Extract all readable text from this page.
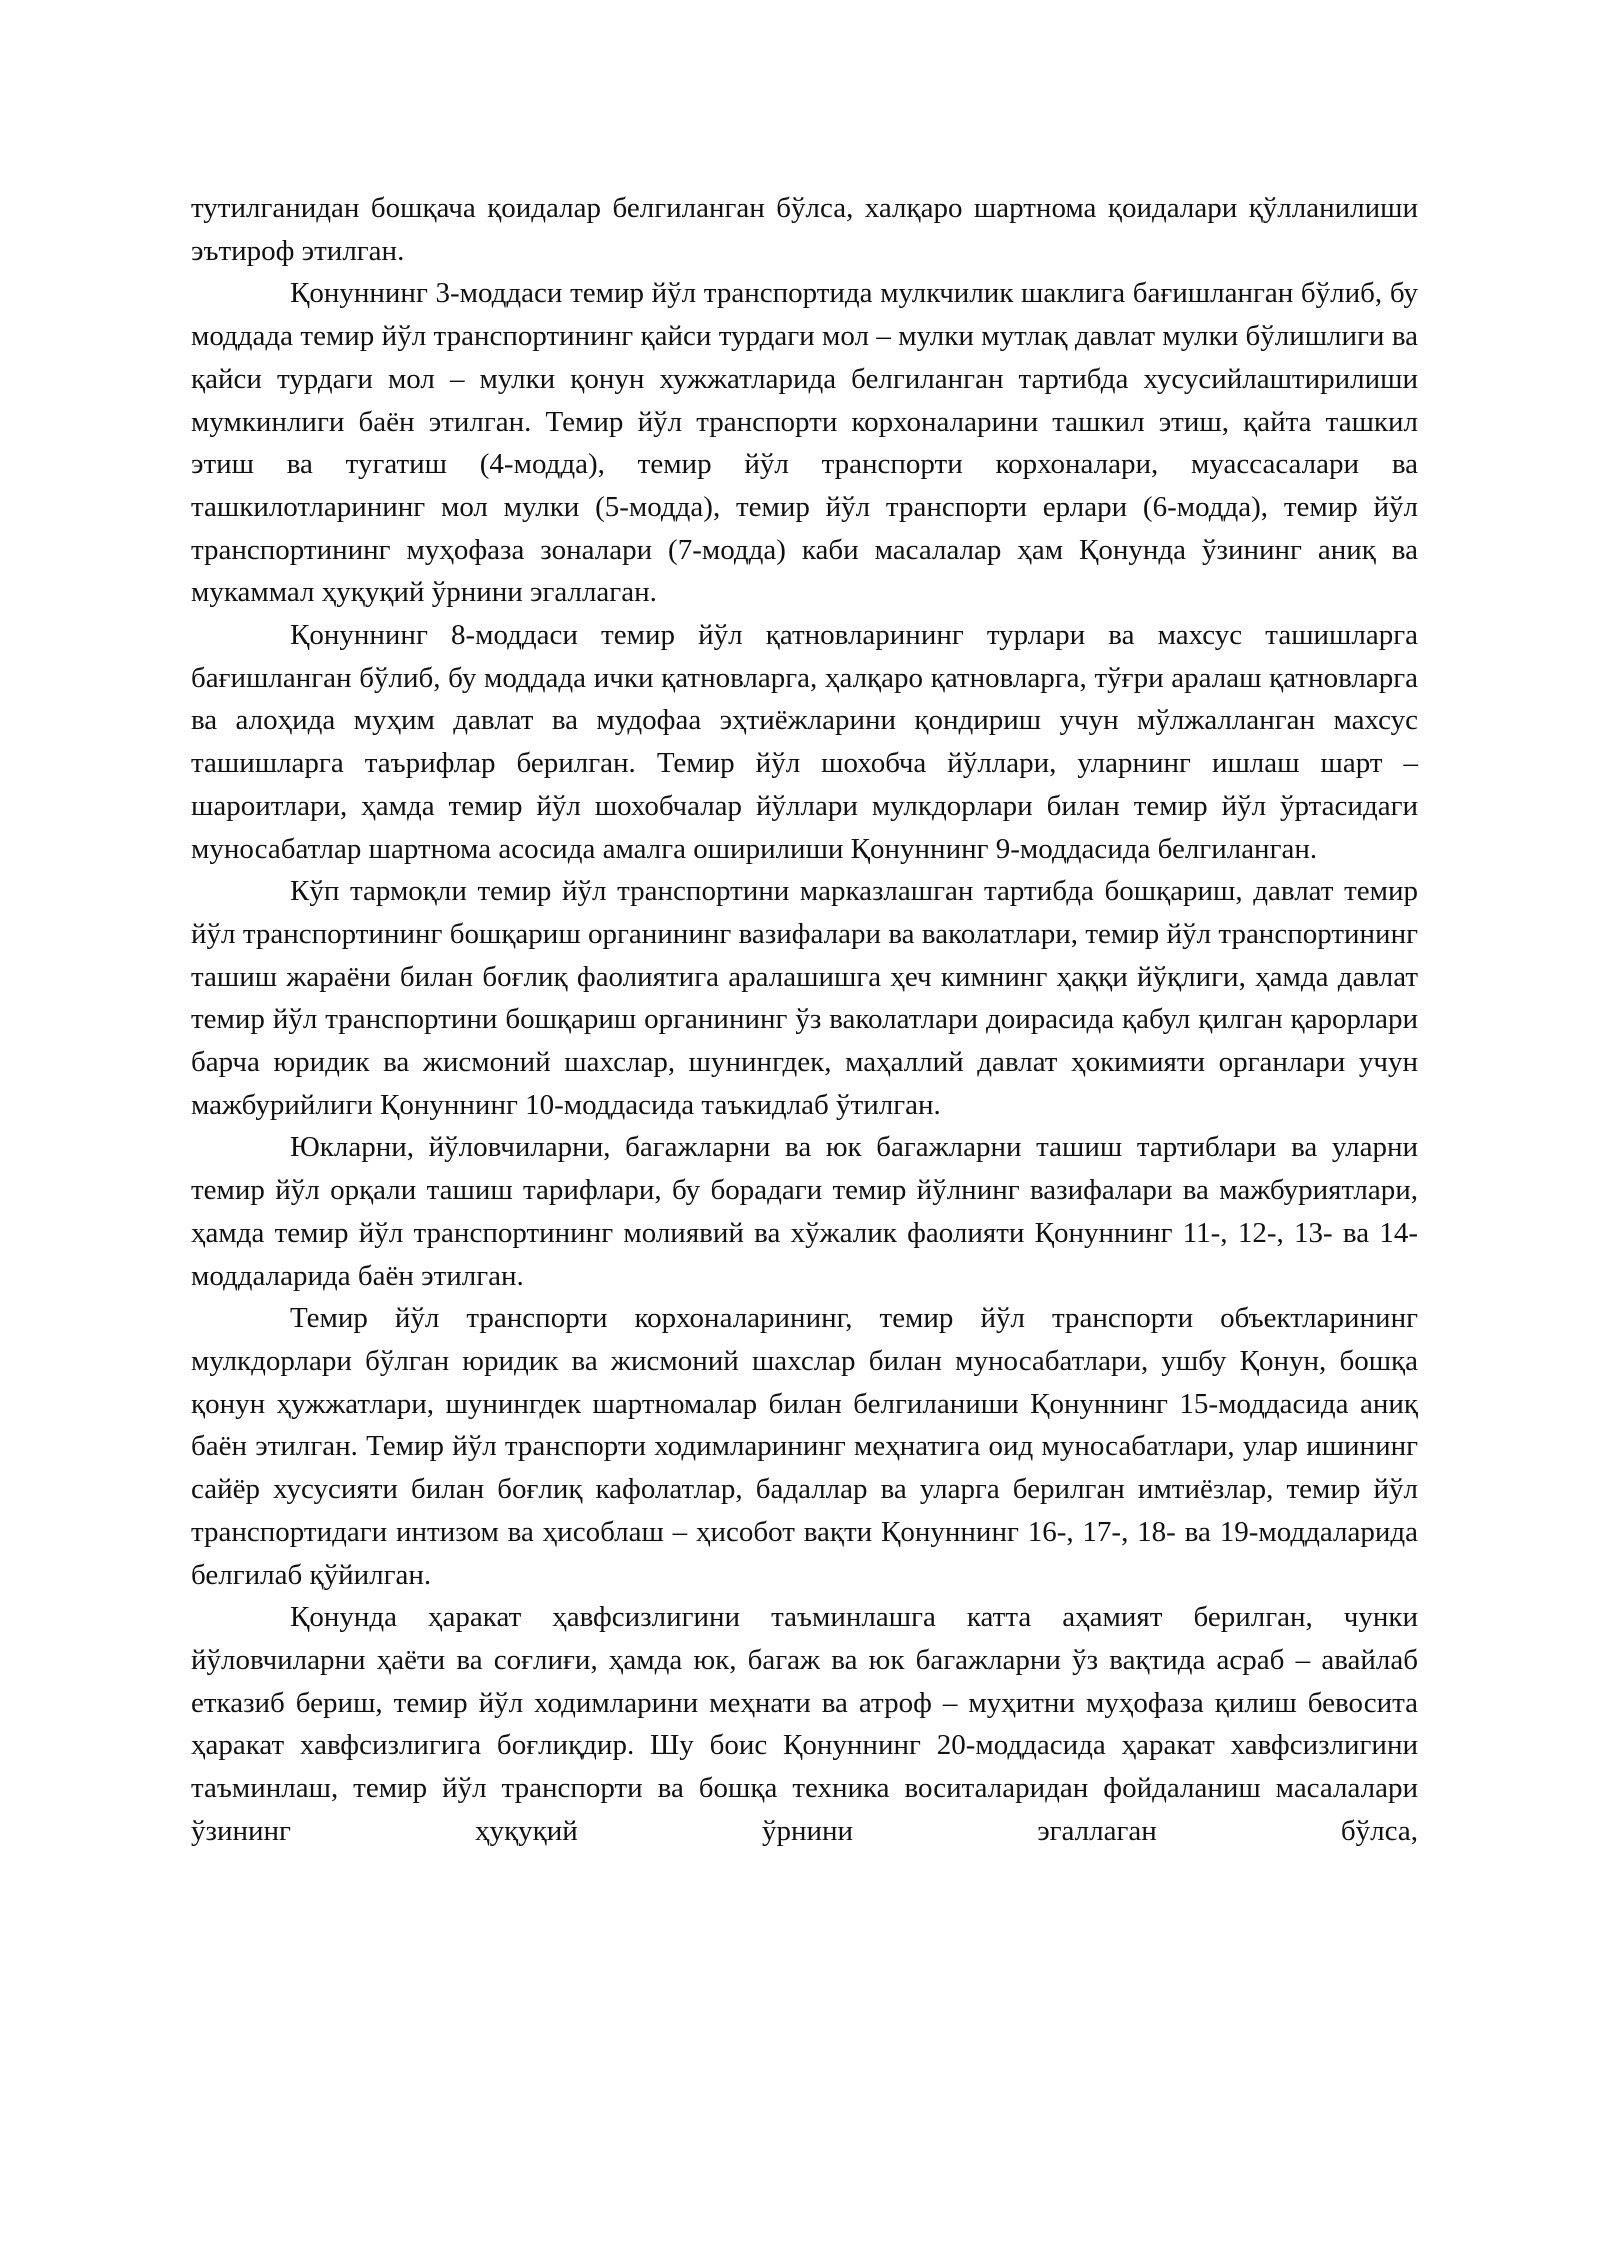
тутилганидан бошқача қоидалар белгиланган бўлса, халқаро шартнома қоидалари қўлланилиши эътироф этилган.

Қонуннинг 3-моддаси темир йўл транспортида мулкчилик шаклига бағишланган бўлиб, бу моддада темир йўл транспортининг қайси турдаги мол – мулки мутлақ давлат мулки бўлишлиги ва қайси турдаги мол – мулки қонун хужжатларида белгиланган тартибда хусусийлаштирилиши мумкинлиги баён этилган. Темир йўл транспорти корхоналарини ташкил этиш, қайта ташкил этиш ва тугатиш (4-модда), темир йўл транспорти корхоналари, муассасалари ва ташкилотларининг мол мулки (5-модда), темир йўл транспорти ерлари (6-модда), темир йўл транспортининг муҳофаза зоналари (7-модда) каби масалалар ҳам Қонунда ўзининг аниқ ва мукаммал ҳуқуқий ўрнини эгаллаган.

Қонуннинг 8-моддаси темир йўл қатновларининг турлари ва махсус ташишларга бағишланган бўлиб, бу моддада ички қатновларга, ҳалқаро қатновларга, тўғри аралаш қатновларга ва алоҳида муҳим давлат ва мудофаа эҳтиёжларини қондириш учун мўлжалланган махсус ташишларга таърифлар берилган. Темир йўл шохобча йўллари, уларнинг ишлаш шарт – шароитлари, ҳамда темир йўл шохобчалар йўллари мулкдорлари билан темир йўл ўртасидаги муносабатлар шартнома асосида амалга оширилиши Қонуннинг 9-моддасида белгиланган.

Кўп тармоқли темир йўл транспортини марказлашган тартибда бошқариш, давлат темир йўл транспортининг бошқариш органининг вазифалари ва ваколатлари, темир йўл транспортининг ташиш жараёни билан боғлиқ фаолиятига аралашишга ҳеч кимнинг ҳаққи йўқлиги, ҳамда давлат темир йўл транспортини бошқариш органининг ўз ваколатлари доирасида қабул қилган қарорлари барча юридик ва жисмоний шахслар, шунингдек, маҳаллий давлат ҳокимияти органлари учун мажбурийлиги Қонуннинг 10-моддасида таъкидлаб ўтилган.

Юкларни, йўловчиларни, багажларни ва юк багажларни ташиш тартиблари ва уларни темир йўл орқали ташиш тарифлари, бу борадаги темир йўлнинг вазифалари ва мажбуриятлари, ҳамда темир йўл транспортининг молиявий ва хўжалик фаолияти Қонуннинг 11-, 12-, 13- ва 14-моддаларида баён этилган.

Темир йўл транспорти корхоналарининг, темир йўл транспорти объектларининг мулкдорлари бўлган юридик ва жисмоний шахслар билан муносабатлари, ушбу Қонун, бошқа қонун ҳужжатлари, шунингдек шартномалар билан белгиланиши Қонуннинг 15-моддасида аниқ баён этилган. Темир йўл транспорти ходимларининг меҳнатига оид муносабатлари, улар ишининг сайёр хусусияти билан боғлиқ кафолатлар, бадаллар ва уларга берилган имтиёзлар, темир йўл транспортидаги интизом ва ҳисоблаш – ҳисобот вақти Қонуннинг 16-, 17-, 18- ва 19-моддаларида белгилаб қўйилган.

Қонунда ҳаракат ҳавфсизлигини таъминлашга катта аҳамият берилган, чунки йўловчиларни ҳаёти ва соғлиғи, ҳамда юк, багаж ва юк багажларни ўз вақтида асраб – авайлаб етказиб бериш, темир йўл ходимларини меҳнати ва атроф – муҳитни муҳофаза қилиш бевосита ҳаракат хавфсизлигига боғлиқдир. Шу боис Қонуннинг 20-моддасида ҳаракат хавфсизлигини таъминлаш, темир йўл транспорти ва бошқа техника воситаларидан фойдаланиш масалалари ўзининг ҳуқуқий ўрнини эгаллаган бўлса,
